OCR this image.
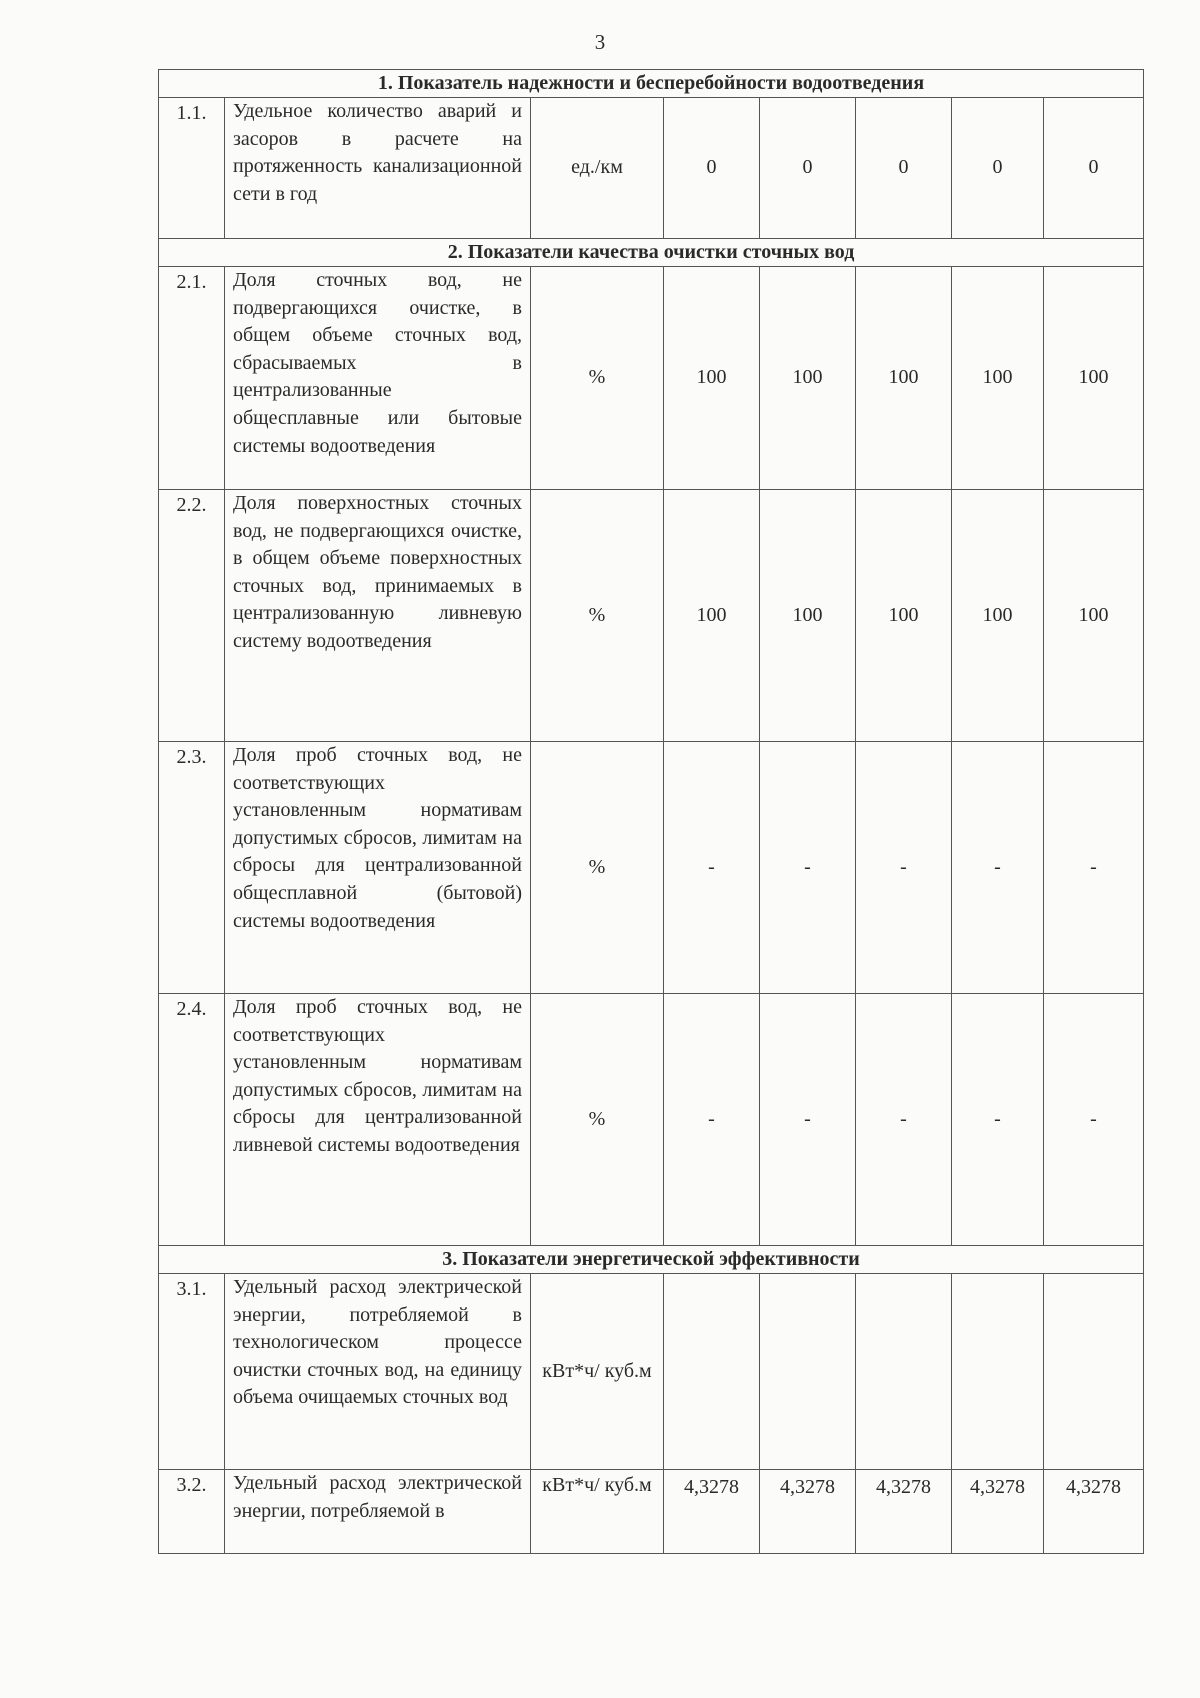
3
1. Показатель надежности и бесперебойности водоотведения							
1.1.	Удельное количество аварий и засоров в расчете на протяженность канализационной сети в год	ед./км	0	0	0	0	0
2. Показатели качества очистки сточных вод							
2.1.	Доля сточных вод, не подвергающихся очистке, в общем объеме сточных вод, сбрасываемых в централизованные общесплавные или бытовые системы водоотведения	%	100	100	100	100	100
2.2.	Доля поверхностных сточных вод, не подвергающихся очистке, в общем объеме поверхностных сточных вод, принимаемых в централизованную ливневую систему водоотведения	%	100	100	100	100	100
2.3.	Доля проб сточных вод, не соответствующих установленным нормативам допустимых сбросов, лимитам на сбросы для централизованной общесплавной (бытовой) системы водоотведения	%	-	-	-	-	-
2.4.	Доля проб сточных вод, не соответствующих установленным нормативам допустимых сбросов, лимитам на сбросы для централизованной ливневой системы водоотведения	%	-	-	-	-	-
3. Показатели энергетической эффективности							
3.1.	Удельный расход электрической энергии, потребляемой в технологическом процессе очистки сточных вод, на единицу объема очищаемых сточных вод	кВт*ч/ куб.м					
3.2.	Удельный расход электрической энергии, потребляемой в	кВт*ч/ куб.м	4,3278	4,3278	4,3278	4,3278	4,3278
